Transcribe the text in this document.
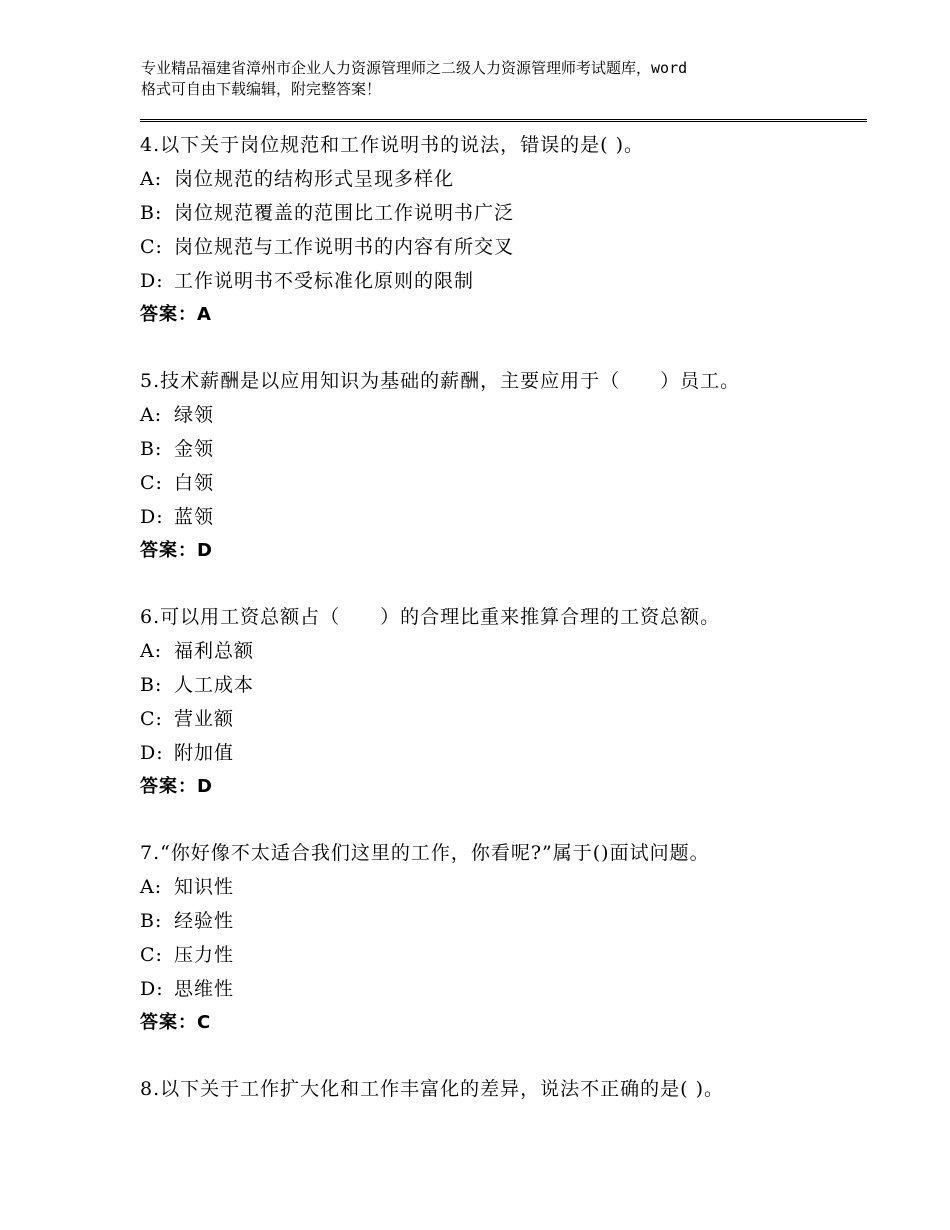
专业精品福建省漳州市企业人力资源管理师之二级人力资源管理师考试题库，word
格式可自由下载编辑，附完整答案！
4.以下关于岗位规范和工作说明书的说法，错误的是( )。
A: 岗位规范的结构形式呈现多样化
B: 岗位规范覆盖的范围比工作说明书广泛
C: 岗位规范与工作说明书的内容有所交叉
D: 工作说明书不受标准化原则的限制
答案：A
5.技术薪酬是以应用知识为基础的薪酬，主要应用于（　　）员工。
A: 绿领
B: 金领
C: 白领
D: 蓝领
答案：D
6.可以用工资总额占（　　）的合理比重来推算合理的工资总额。
A: 福利总额
B: 人工成本
C: 营业额
D: 附加值
答案：D
7.“你好像不太适合我们这里的工作，你看呢?”属于()面试问题。
A: 知识性
B: 经验性
C: 压力性
D: 思维性
答案：C
8.以下关于工作扩大化和工作丰富化的差异，说法不正确的是( )。
